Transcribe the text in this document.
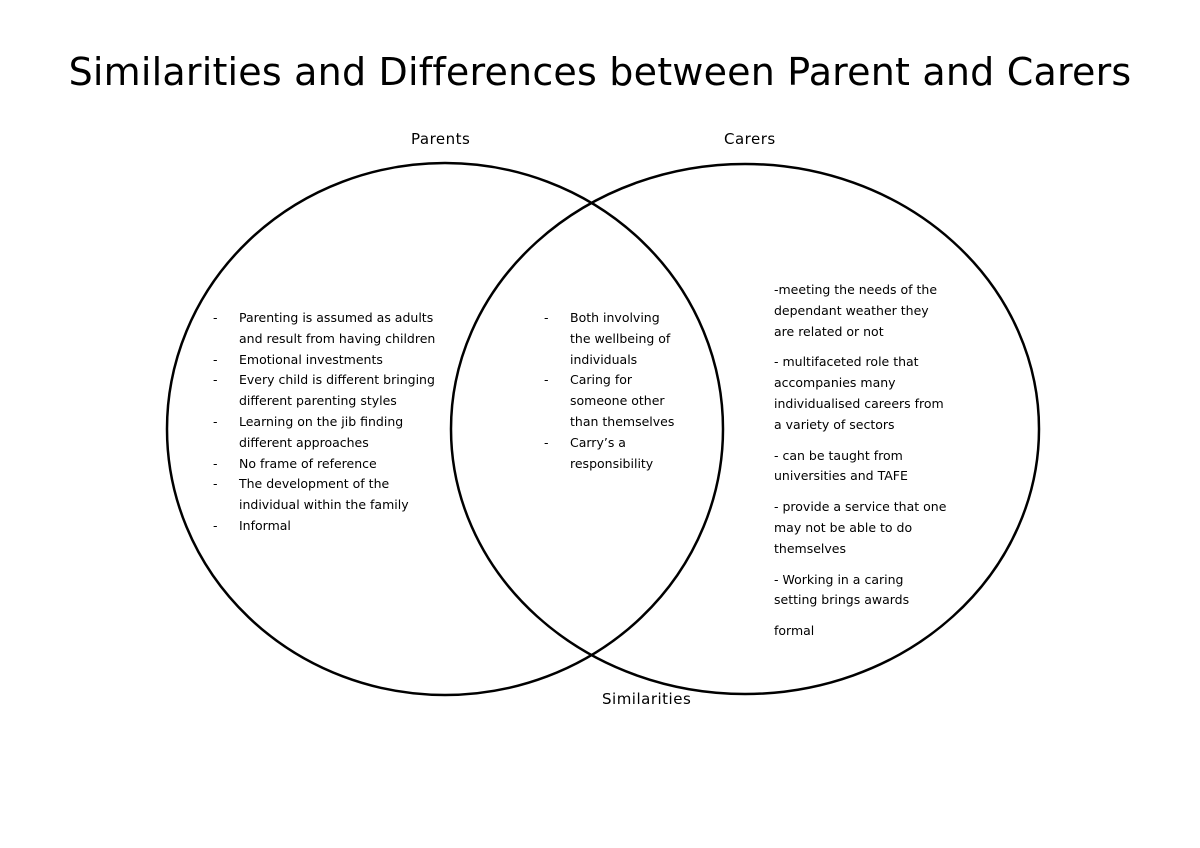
Similarities and Differences between Parent and Carers
Parents	Carers
Similarities
- Parenting is assumed as adults and result from having children
- Emotional investments
- Every child is different bringing different parenting styles
- Learning on the jib finding different approaches
- No frame of reference
- The development of the individual within the family
- Informal
- Both involving the wellbeing of individuals
- Caring for someone other than themselves
- Carry’s a responsibility

-meeting the needs of the dependant weather they are related or not

- multifaceted role that accompanies many individualised careers from a variety of sectors

- can be taught from universities and TAFE

- provide a service that one may not be able to do themselves

- Working in a caring setting brings awards

formal
